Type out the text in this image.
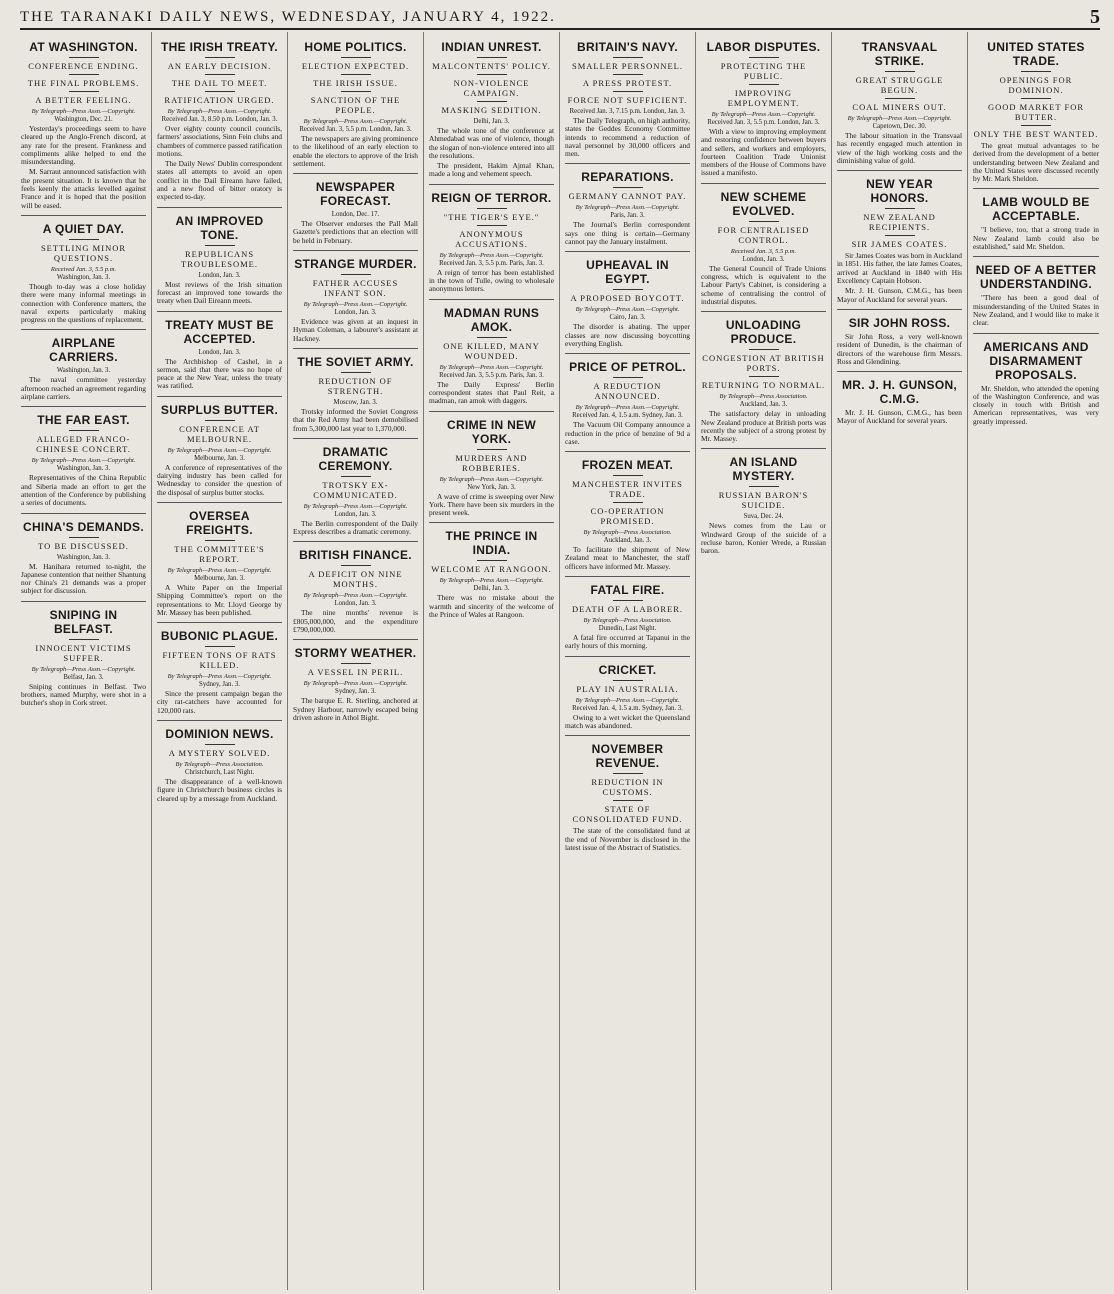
THE TARANAKI DAILY NEWS, WEDNESDAY, JANUARY 4, 1922.	5
AT WASHINGTON.
CONFERENCE ENDING.
THE FINAL PROBLEMS.
A BETTER FEELING.
By Telegraph—Press Assn.—Copyright.
Washington, Dec. 21.

Yesterday's proceedings seem to have cleared up the Anglo-French discord, at any rate for the present. Frankness and compliments alike helped to end the misunderstanding.

M. Sarraut announced satisfaction with the present situation. It is known that he feels keenly the attacks levelled against France and it is hoped that the position will be eased.

A QUIET DAY.
SETTLING MINOR QUESTIONS.
Received Jan. 3, 5.5 p.m.
Washington, Jan. 3.

Though to-day was a close holiday there were many informal meetings in connection with Conference matters, the naval experts particularly making progress on the questions of replacement.

AIRPLANE CARRIERS.
Washington, Jan. 3.

The naval committee yesterday afternoon reached an agreement regarding airplane carriers.

THE FAR EAST.
ALLEGED FRANCO-CHINESE CONCERT.
By Telegraph—Press Assn.—Copyright.
Washington, Jan. 3.

Representatives of the China Republic and Siberia made an effort to get the attention of the Conference by publishing a series of documents.

CHINA'S DEMANDS.
TO BE DISCUSSED.
Washington, Jan. 3.

M. Hanihara returned to-night, the Japanese contention that neither Shantung nor China's 21 demands was a proper subject for discussion.

SNIPING IN BELFAST.
INNOCENT VICTIMS SUFFER.
By Telegraph—Press Assn.—Copyright.
Belfast, Jan. 3.

Sniping continues in Belfast. Two brothers, named Murphy, were shot in a butcher's shop in Cork street.

THE IRISH TREATY.
AN EARLY DECISION.
THE DAIL TO MEET.
RATIFICATION URGED.
By Telegraph—Press Assn.—Copyright.
Received Jan. 3, 8.50 p.m. London, Jan. 3.

Over eighty county council councils, farmers' associations, Sinn Fein clubs and chambers of commerce passed ratification motions.

The Daily News' Dublin correspondent states all attempts to avoid an open conflict in the Dail Eireann have failed, and a new flood of bitter oratory is expected to-day.

AN IMPROVED TONE.
REPUBLICANS TROUBLESOME.
London, Jan. 3.

Most reviews of the Irish situation forecast an improved tone towards the treaty when Dail Eireann meets.

TREATY MUST BE ACCEPTED.
London, Jan. 3.

The Archbishop of Cashel, in a sermon, said that there was no hope of peace at the New Year, unless the treaty was ratified.

SURPLUS BUTTER.
CONFERENCE AT MELBOURNE.
By Telegraph—Press Assn.—Copyright.
Melbourne, Jan. 3.

A conference of representatives of the dairying industry has been called for Wednesday to consider the question of the disposal of surplus butter stocks.

OVERSEA FREIGHTS.
THE COMMITTEE'S REPORT.
By Telegraph—Press Assn.—Copyright.
Melbourne, Jan. 3.

A White Paper on the Imperial Shipping Committee's report on the representations to Mr. Lloyd George by Mr. Massey has been published.

BUBONIC PLAGUE.
FIFTEEN TONS OF RATS KILLED.
By Telegraph—Press Assn.—Copyright.
Sydney, Jan. 3.

Since the present campaign began the city rat-catchers have accounted for 120,000 rats.

DOMINION NEWS.
A MYSTERY SOLVED.
By Telegraph—Press Association.
Christchurch, Last Night.

The disappearance of a well-known figure in Christchurch business circles is cleared up by a message from Auckland.

HOME POLITICS.
ELECTION EXPECTED.
THE IRISH ISSUE.
SANCTION OF THE PEOPLE.
By Telegraph—Press Assn.—Copyright.
Received Jan. 3, 5.5 p.m. London, Jan. 3.

The newspapers are giving prominence to the likelihood of an early election to enable the electors to approve of the Irish settlement.

NEWSPAPER FORECAST.
London, Dec. 17.

The Observer endorses the Pall Mall Gazette's predictions that an election will be held in February.

STRANGE MURDER.
FATHER ACCUSES INFANT SON.
By Telegraph—Press Assn.—Copyright.
London, Jan. 3.

Evidence was given at an inquest in Hyman Coleman, a labourer's assistant at Hackney.

THE SOVIET ARMY.
REDUCTION OF STRENGTH.
Moscow, Jan. 3.

Trotsky informed the Soviet Congress that the Red Army had been demobilised from 5,300,000 last year to 1,370,000.

DRAMATIC CEREMONY.
TROTSKY EX-COMMUNICATED.
By Telegraph—Press Assn.—Copyright.
London, Jan. 3.

The Berlin correspondent of the Daily Express describes a dramatic ceremony.

BRITISH FINANCE.
A DEFICIT ON NINE MONTHS.
By Telegraph—Press Assn.—Copyright.
London, Jan. 3.

The nine months' revenue is £805,000,000, and the expenditure £790,000,000.

STORMY WEATHER.
A VESSEL IN PERIL.
By Telegraph—Press Assn.—Copyright.
Sydney, Jan. 3.

The barque E. R. Sterling, anchored at Sydney Harbour, narrowly escaped being driven ashore in Athol Bight.

INDIAN UNREST.
MALCONTENTS' POLICY.
NON-VIOLENCE CAMPAIGN.
MASKING SEDITION.
Delhi, Jan. 3.

The whole tone of the conference at Ahmedabad was one of violence, though the slogan of non-violence entered into all the resolutions.

The president, Hakim Ajmal Khan, made a long and vehement speech.

REIGN OF TERROR.
"THE TIGER'S EYE."
ANONYMOUS ACCUSATIONS.
By Telegraph—Press Assn.—Copyright.
Received Jan. 3, 5.5 p.m. Paris, Jan. 3.

A reign of terror has been established in the town of Tulle, owing to wholesale anonymous letters.

MADMAN RUNS AMOK.
ONE KILLED, MANY WOUNDED.
By Telegraph—Press Assn.—Copyright.
Received Jan. 3, 5.5 p.m. Paris, Jan. 3.

The Daily Express' Berlin correspondent states that Paul Reit, a madman, ran amok with daggers.

CRIME IN NEW YORK.
MURDERS AND ROBBERIES.
By Telegraph—Press Assn.—Copyright.
New York, Jan. 3.

A wave of crime is sweeping over New York. There have been six murders in the present week.

THE PRINCE IN INDIA.
WELCOME AT RANGOON.
By Telegraph—Press Assn.—Copyright.
Delhi, Jan. 3.

There was no mistake about the warmth and sincerity of the welcome of the Prince of Wales at Rangoon.

BRITAIN'S NAVY.
SMALLER PERSONNEL.
A PRESS PROTEST.
FORCE NOT SUFFICIENT.
Received Jan. 3, 7.15 p.m. London, Jan. 3.

The Daily Telegraph, on high authority, states the Geddes Economy Committee intends to recommend a reduction of naval personnel by 30,000 officers and men.

REPARATIONS.
GERMANY CANNOT PAY.
By Telegraph—Press Assn.—Copyright.
Paris, Jan. 3.

The Journal's Berlin correspondent says one thing is certain—Germany cannot pay the January instalment.

UPHEAVAL IN EGYPT.
A PROPOSED BOYCOTT.
By Telegraph—Press Assn.—Copyright.
Cairo, Jan. 3.

The disorder is abating. The upper classes are now discussing boycotting everything English.

PRICE OF PETROL.
A REDUCTION ANNOUNCED.
By Telegraph—Press Assn.—Copyright.
Received Jan. 4, 1.5 a.m. Sydney, Jan. 3.

The Vacuum Oil Company announce a reduction in the price of benzine of 9d a case.

FROZEN MEAT.
MANCHESTER INVITES TRADE.
CO-OPERATION PROMISED.
By Telegraph—Press Association.
Auckland, Jan. 3.

To facilitate the shipment of New Zealand meat to Manchester, the staff officers have informed Mr. Massey.

FATAL FIRE.
DEATH OF A LABORER.
By Telegraph—Press Association.
Dunedin, Last Night.

A fatal fire occurred at Tapanui in the early hours of this morning.

CRICKET.
PLAY IN AUSTRALIA.
By Telegraph—Press Assn.—Copyright.
Received Jan. 4, 1.5 a.m. Sydney, Jan. 3.

Owing to a wet wicket the Queensland match was abandoned.

NOVEMBER REVENUE.
REDUCTION IN CUSTOMS.
STATE OF CONSOLIDATED FUND.

The state of the consolidated fund at the end of November is disclosed in the latest issue of the Abstract of Statistics.

LABOR DISPUTES.
PROTECTING THE PUBLIC.
IMPROVING EMPLOYMENT.
By Telegraph—Press Assn.—Copyright.
Received Jan. 3, 5.5 p.m. London, Jan. 3.

With a view to improving employment and restoring confidence between buyers and sellers, and workers and employers, fourteen Coalition Trade Unionist members of the House of Commons have issued a manifesto.

NEW SCHEME EVOLVED.
FOR CENTRALISED CONTROL.
Received Jan. 3, 5.5 p.m.
London, Jan. 3.

The General Council of Trade Unions congress, which is equivalent to the Labour Party's Cabinet, is considering a scheme of centralising the control of industrial disputes.

UNLOADING PRODUCE.
CONGESTION AT BRITISH PORTS.
RETURNING TO NORMAL.
By Telegraph—Press Association.
Auckland, Jan. 3.

The satisfactory delay in unloading New Zealand produce at British ports was recently the subject of a strong protest by Mr. Massey.

AN ISLAND MYSTERY.
RUSSIAN BARON'S SUICIDE.
Suva, Dec. 24.

News comes from the Lau or Windward Group of the suicide of a recluse baron, Konier Wrede, a Russian baron.

TRANSVAAL STRIKE.
GREAT STRUGGLE BEGUN.
COAL MINERS OUT.
By Telegraph—Press Assn.—Copyright.
Capetown, Dec. 30.

The labour situation in the Transvaal has recently engaged much attention in view of the high working costs and the diminishing value of gold.

NEW YEAR HONORS.
NEW ZEALAND RECIPIENTS.
SIR JAMES COATES.

Sir James Coates was born in Auckland in 1851. His father, the late James Coates, arrived at Auckland in 1840 with His Excellency Captain Hobson.

Mr. J. H. Gunson, C.M.G., has been Mayor of Auckland for several years.

SIR JOHN ROSS.

Sir John Ross, a very well-known resident of Dunedin, is the chairman of directors of the warehouse firm Messrs. Ross and Glendining.

MR. J. H. GUNSON, C.M.G.

Mr. J. H. Gunson, C.M.G., has been Mayor of Auckland for several years.

UNITED STATES TRADE.
OPENINGS FOR DOMINION.
GOOD MARKET FOR BUTTER.
ONLY THE BEST WANTED.

The great mutual advantages to be derived from the development of a better understanding between New Zealand and the United States were discussed recently by Mr. Mark Sheldon.

LAMB WOULD BE ACCEPTABLE.

"I believe, too, that a strong trade in New Zealand lamb could also be established," said Mr. Sheldon.

NEED OF A BETTER UNDERSTANDING.

"There has been a good deal of misunderstanding of the United States in New Zealand, and I would like to make it clear.

AMERICANS AND DISARMAMENT PROPOSALS.

Mr. Sheldon, who attended the opening of the Washington Conference, and was closely in touch with British and American representatives, was very greatly impressed.
